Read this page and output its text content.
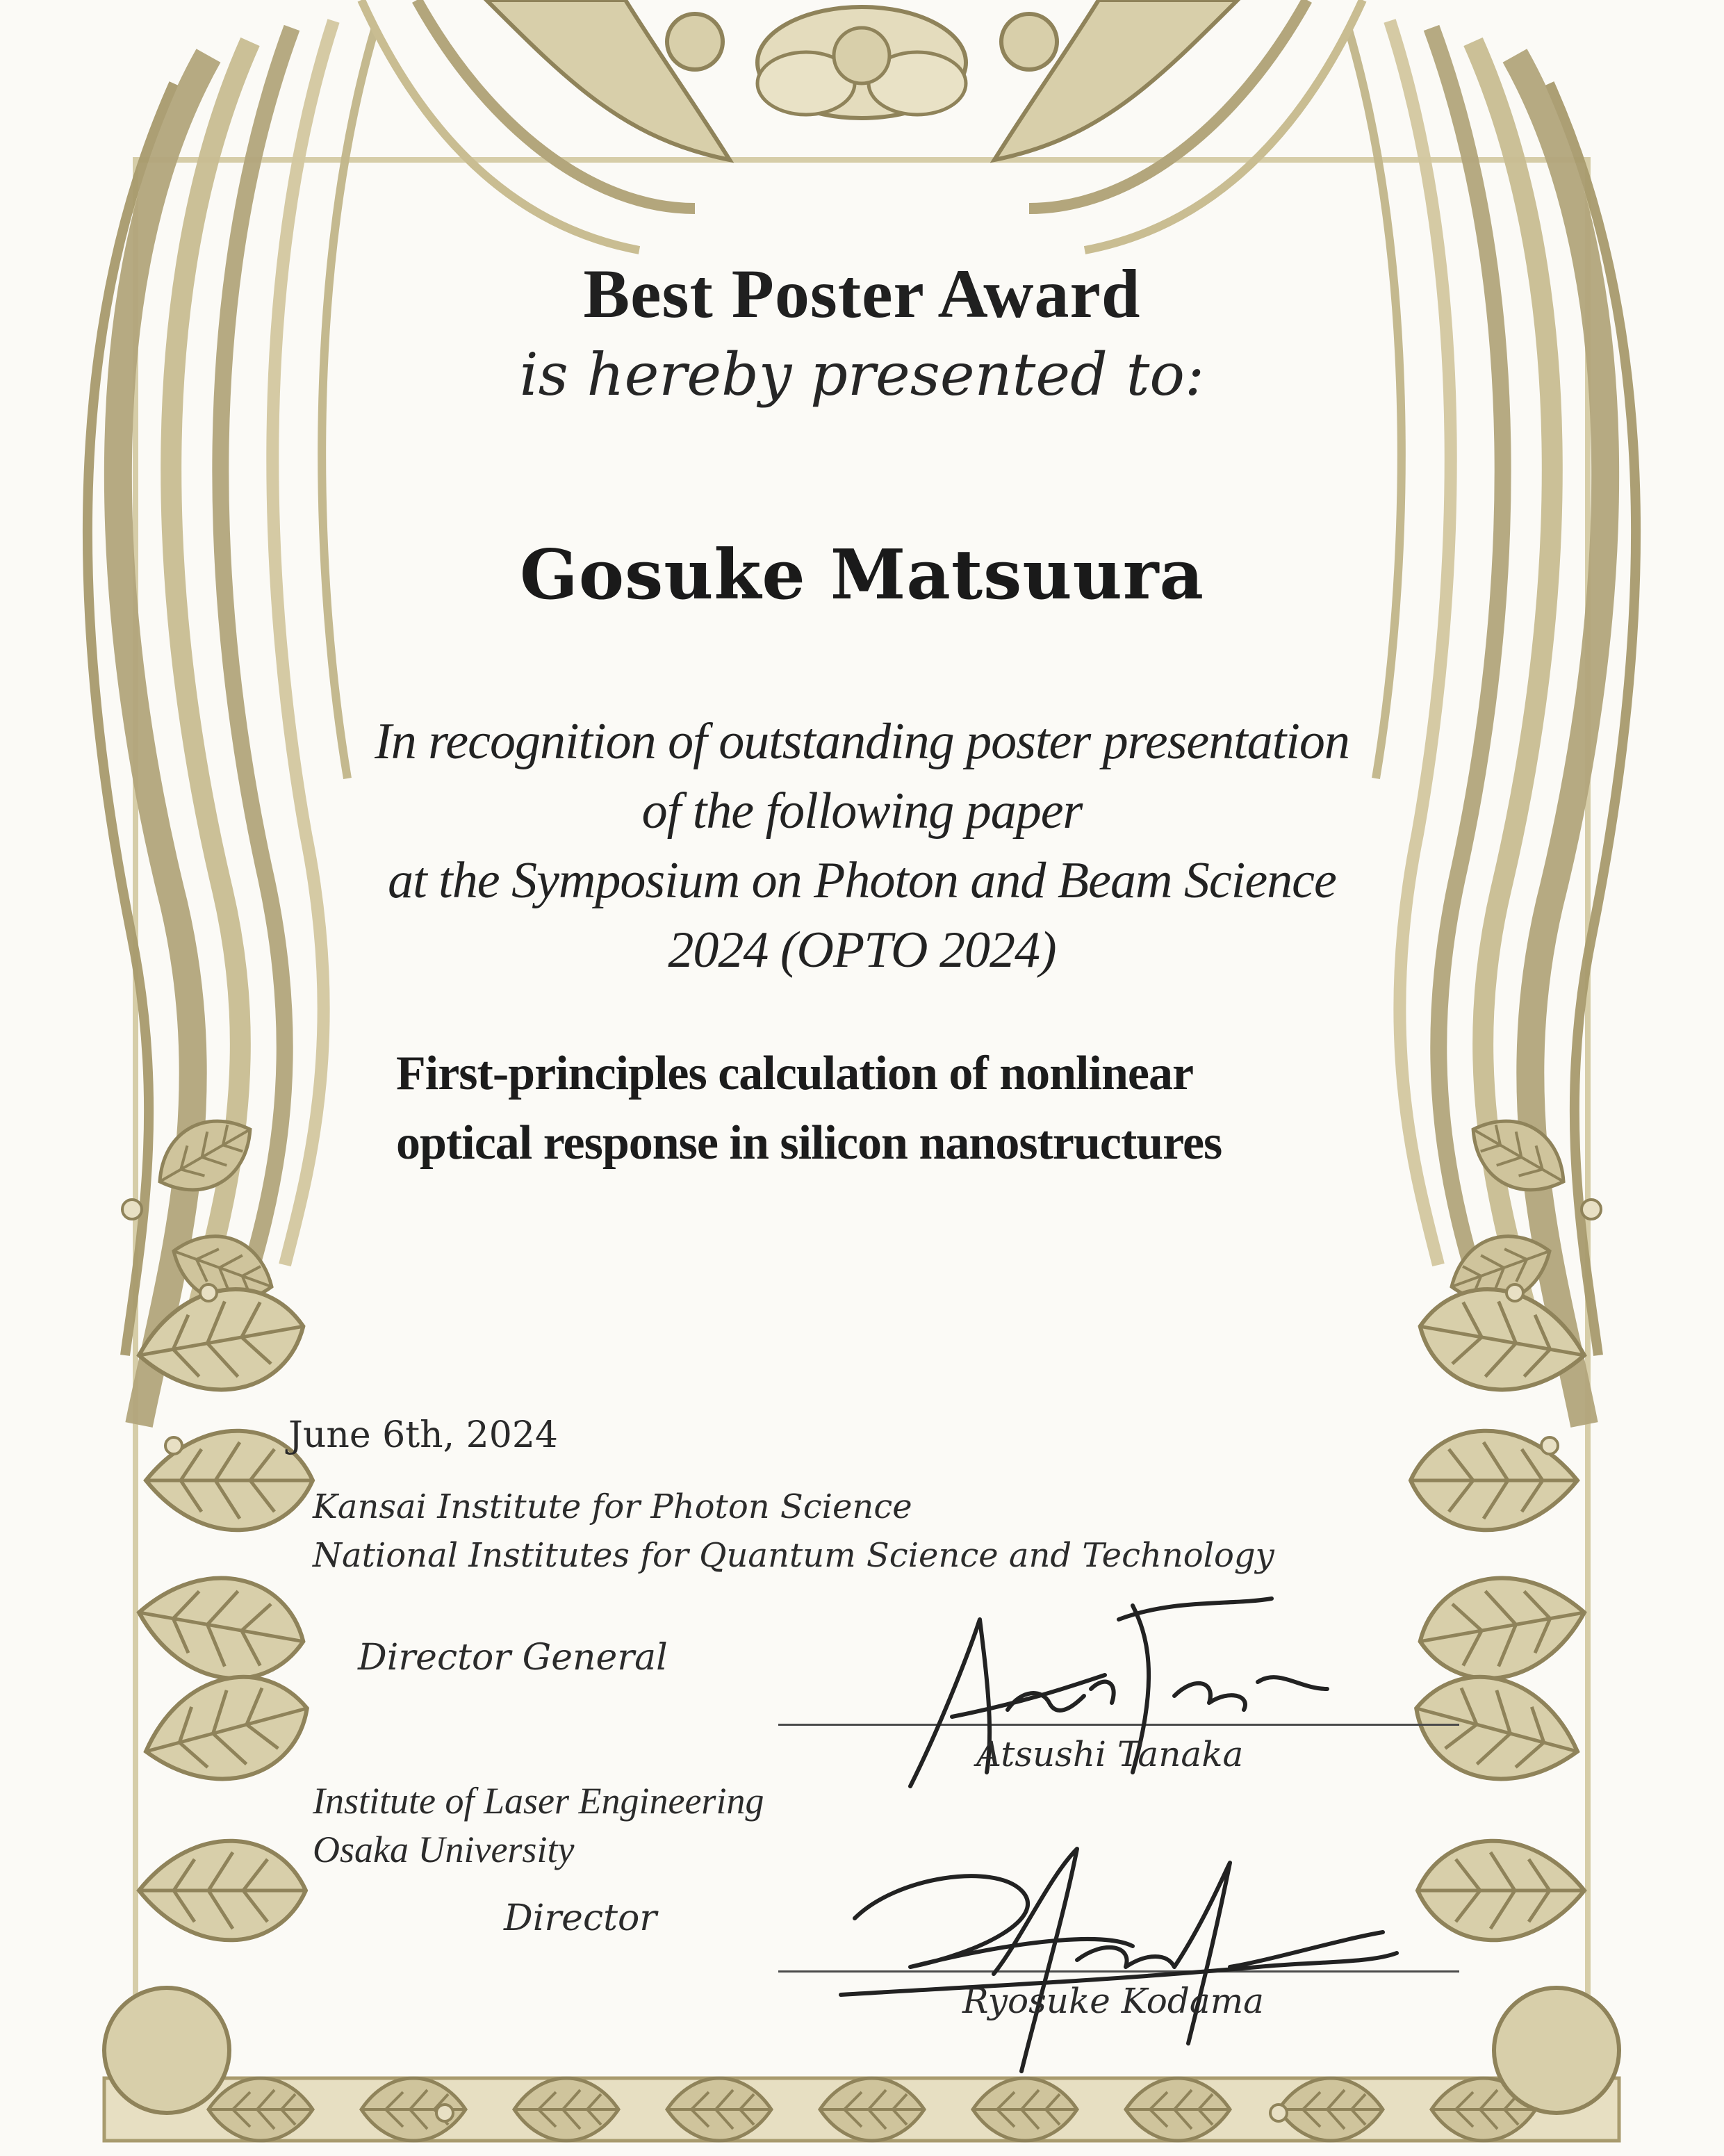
Best Poster Award
is hereby presented to:
Gosuke Matsuura
In recognition of outstanding poster presentation
of the following paper
at the Symposium on Photon and Beam Science
2024 (OPTO 2024)
First-principles calculation of nonlinear
optical response in silicon nanostructures
June 6th, 2024
Kansai Institute for Photon Science
National Institutes for Quantum Science and Technology
Director General
Atsushi Tanaka
Institute of Laser Engineering
Osaka University
Director
Ryosuke Kodama
